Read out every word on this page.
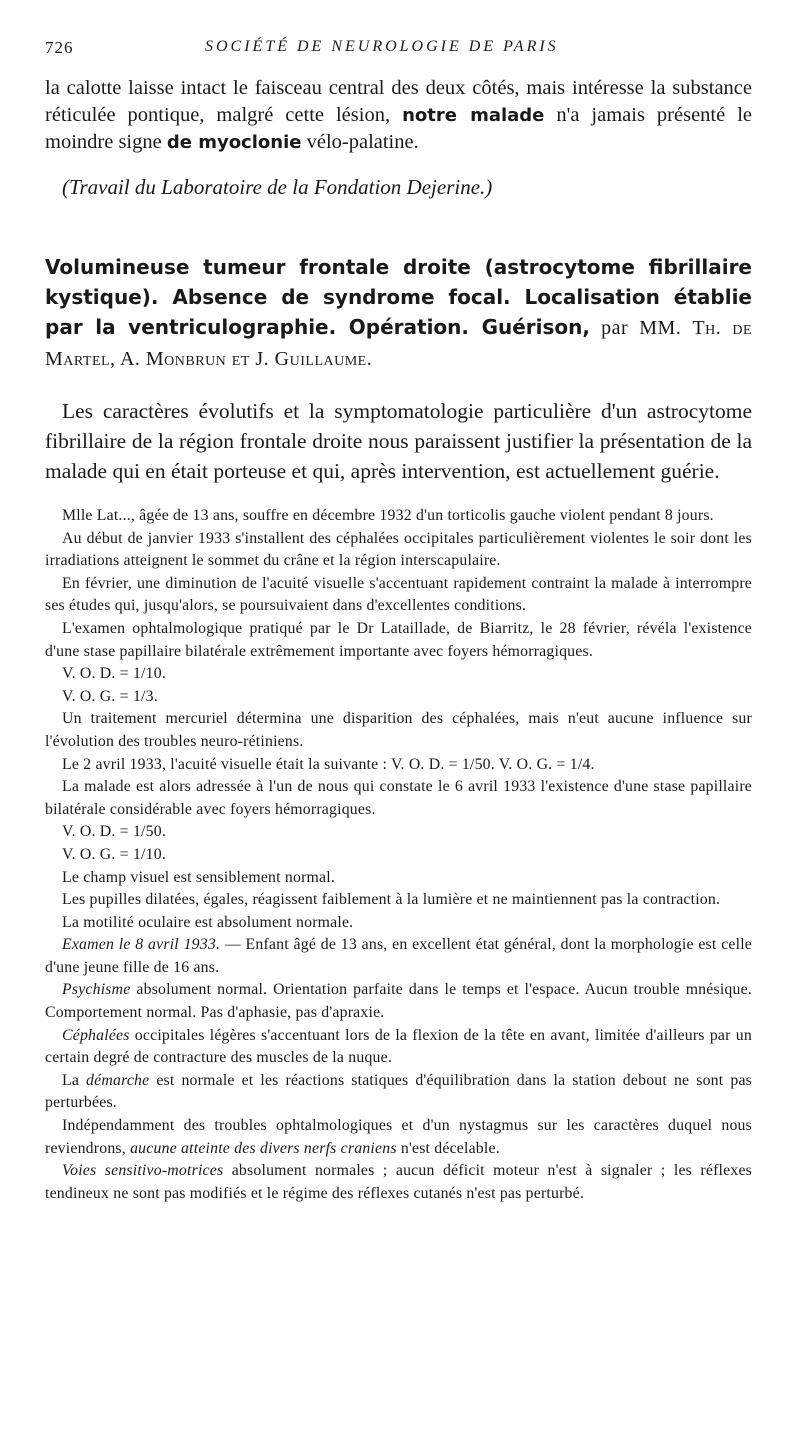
726	SOCIÉTÉ DE NEUROLOGIE DE PARIS

la calotte laisse intact le faisceau central des deux côtés, mais intéresse la substance réticulée pontique, malgré cette lésion, notre malade n'a jamais présenté le moindre signe de myoclonie vélo-palatine.

(Travail du Laboratoire de la Fondation Dejerine.)

Volumineuse tumeur frontale droite (astrocytome fibrillaire kystique). Absence de syndrome focal. Localisation établie par la ventriculographie. Opération. Guérison, par MM. Th. de Martel, A. Monbrun et J. Guillaume.

Les caractères évolutifs et la symptomatologie particulière d'un astrocytome fibrillaire de la région frontale droite nous paraissent justifier la présentation de la malade qui en était porteuse et qui, après intervention, est actuellement guérie.

Mlle Lat..., âgée de 13 ans, souffre en décembre 1932 d'un torticolis gauche violent pendant 8 jours.

Au début de janvier 1933 s'installent des céphalées occipitales particulièrement violentes le soir dont les irradiations atteignent le sommet du crâne et la région interscapulaire.

En février, une diminution de l'acuité visuelle s'accentuant rapidement contraint la malade à interrompre ses études qui, jusqu'alors, se poursuivaient dans d'excellentes conditions.

L'examen ophtalmologique pratiqué par le Dr Lataillade, de Biarritz, le 28 février, révéla l'existence d'une stase papillaire bilatérale extrêmement importante avec foyers hémorragiques.

V. O. D. = 1/10.

V. O. G. = 1/3.

Un traitement mercuriel détermina une disparition des céphalées, mais n'eut aucune influence sur l'évolution des troubles neuro-rétiniens.

Le 2 avril 1933, l'acuité visuelle était la suivante : V. O. D. = 1/50. V. O. G. = 1/4.

La malade est alors adressée à l'un de nous qui constate le 6 avril 1933 l'existence d'une stase papillaire bilatérale considérable avec foyers hémorragiques.

V. O. D. = 1/50.

V. O. G. = 1/10.

Le champ visuel est sensiblement normal.

Les pupilles dilatées, égales, réagissent faiblement à la lumière et ne maintiennent pas la contraction.

La motilité oculaire est absolument normale.

Examen le 8 avril 1933. — Enfant âgé de 13 ans, en excellent état général, dont la morphologie est celle d'une jeune fille de 16 ans.

Psychisme absolument normal. Orientation parfaite dans le temps et l'espace. Aucun trouble mnésique. Comportement normal. Pas d'aphasie, pas d'apraxie.

Céphalées occipitales légères s'accentuant lors de la flexion de la tête en avant, limitée d'ailleurs par un certain degré de contracture des muscles de la nuque.

La démarche est normale et les réactions statiques d'équilibration dans la station debout ne sont pas perturbées.

Indépendamment des troubles ophtalmologiques et d'un nystagmus sur les caractères duquel nous reviendrons, aucune atteinte des divers nerfs craniens n'est décelable.

Voies sensitivo-motrices absolument normales ; aucun déficit moteur n'est à signaler ; les réflexes tendineux ne sont pas modifiés et le régime des réflexes cutanés n'est pas perturbé.
